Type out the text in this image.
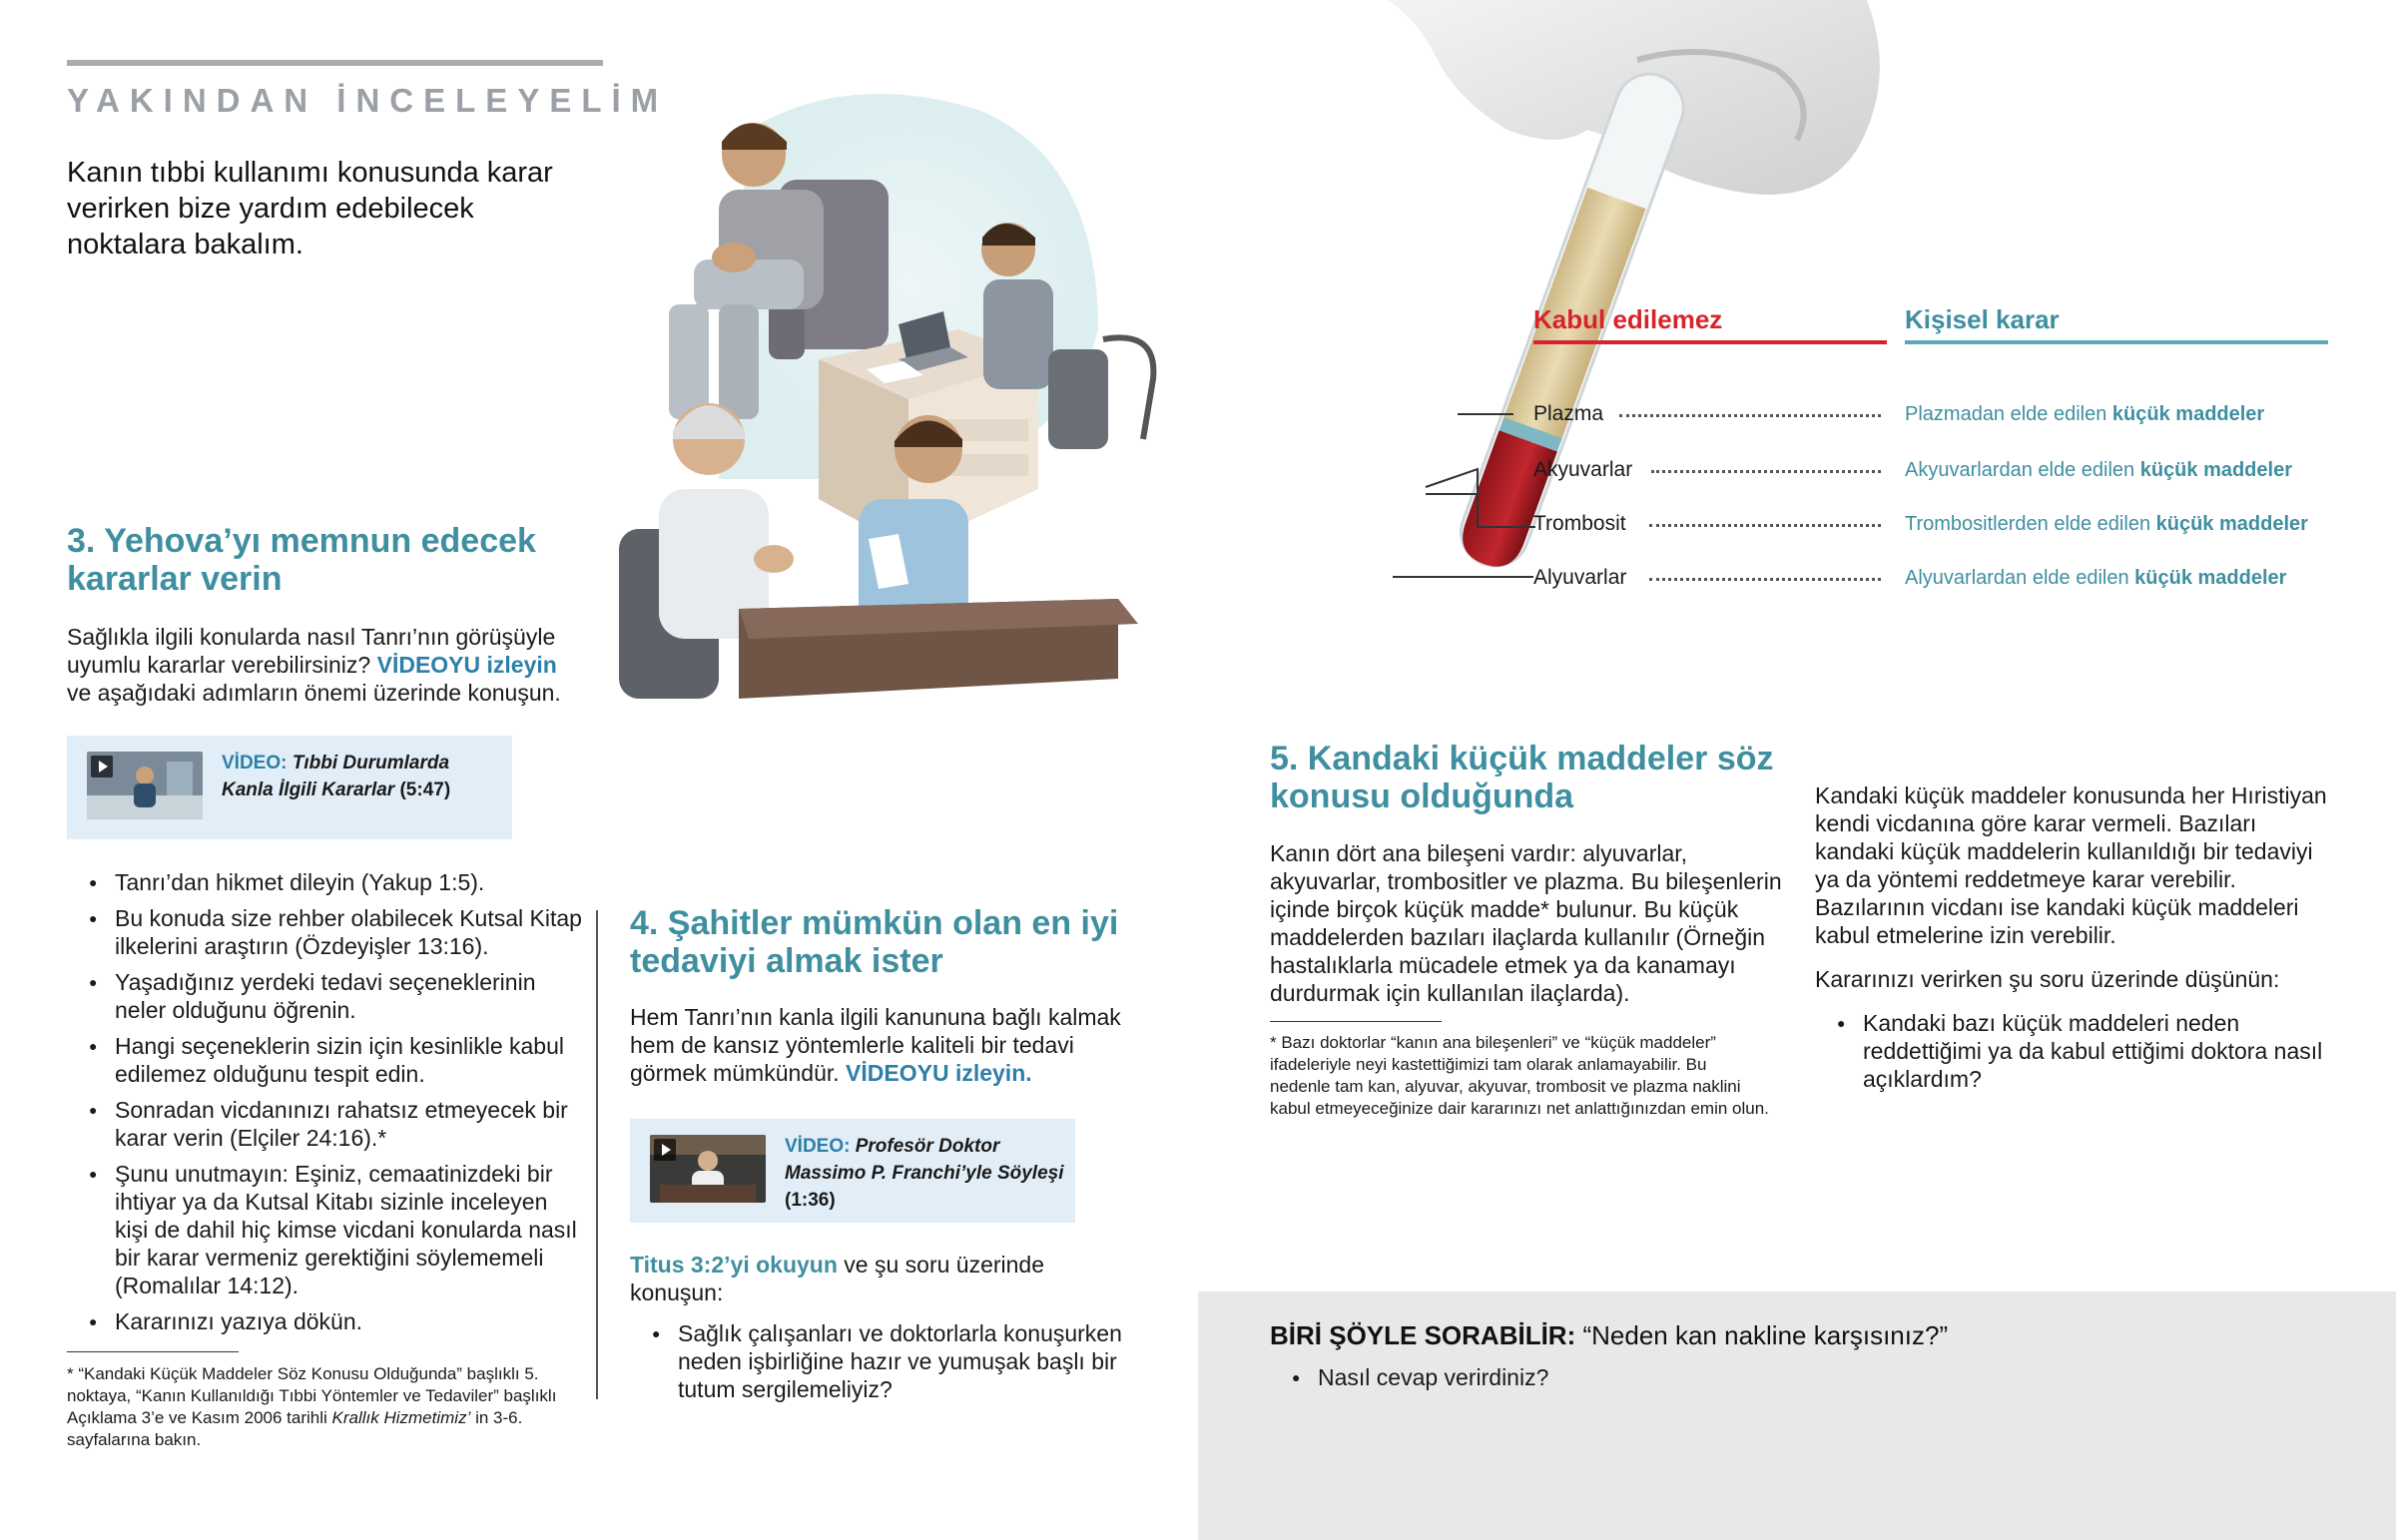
YAKINDAN İNCELEYELİM
Kanın tıbbi kullanımı konusunda karar verirken bize yardım edebilecek noktalara bakalım.
3. Yehova’yı memnun edecek kararlar verin
Sağlıkla ilgili konularda nasıl Tanrı’nın görüşüyle uyumlu kararlar verebilirsiniz? VİDEOYU izleyin ve aşağıdaki adımların önemi üzerinde konuşun.
VİDEO: Tıbbi Durumlarda
Kanla İlgili Kararlar (5:47)
● Tanrı’dan hikmet dileyin (Yakup 1:5).
● Bu konuda size rehber olabilecek Kutsal Kitap ilkelerini araştırın (Özdeyişler 13:16).
● Yaşadığınız yerdeki tedavi seçeneklerinin neler olduğunu öğrenin.
● Hangi seçeneklerin sizin için kesinlikle kabul edilemez olduğunu tespit edin.
● Sonradan vicdanınızı rahatsız etmeyecek bir karar verin (Elçiler 24:16).*
● Şunu unutmayın: Eşiniz, cemaatinizdeki bir ihtiyar ya da Kutsal Kitabı sizinle inceleyen kişi de dahil hiç kimse vicdani konularda nasıl bir karar vermeniz gerektiğini söylememeli (Romalılar 14:12).
● Kararınızı yazıya dökün.
* “Kandaki Küçük Maddeler Söz Konusu Olduğunda” başlıklı 5. noktaya, “Kanın Kullanıldığı Tıbbi Yöntemler ve Tedaviler” başlıklı Açıklama 3’e ve Kasım 2006 tarihli Krallık Hizmetimiz’ in 3-6. sayfalarına bakın.
4. Şahitler mümkün olan en iyi tedaviyi almak ister
Hem Tanrı’nın kanla ilgili kanununa bağlı kalmak hem de kansız yöntemlerle kaliteli bir tedavi görmek mümkündür. VİDEOYU izleyin.
VİDEO: Profesör Doktor
Massimo P. Franchi’yle Söyleşi
(1:36)
Titus 3:2’yi okuyun ve şu soru üzerinde konuşun:
● Sağlık çalışanları ve doktorlarla konuşurken neden işbirliğine hazır ve yumuşak başlı bir tutum sergilemeliyiz?
Kabul edilemez	Kişisel karar
Plazma	Plazmadan elde edilen küçük maddeler
Akyuvarlar	Akyuvarlardan elde edilen küçük maddeler
Trombosit	Trombositlerden elde edilen küçük maddeler
Alyuvarlar	Alyuvarlardan elde edilen küçük maddeler
5. Kandaki küçük maddeler söz konusu olduğunda
Kanın dört ana bileşeni vardır: alyuvarlar, akyuvarlar, trombositler ve plazma. Bu bileşenlerin içinde birçok küçük madde* bulunur. Bu küçük maddelerden bazıları ilaçlarda kullanılır (Örneğin hastalıklarla mücadele etmek ya da kanamayı durdurmak için kullanılan ilaçlarda).
* Bazı doktorlar “kanın ana bileşenleri” ve “küçük maddeler” ifadeleriyle neyi kastettiğimizi tam olarak anlamayabilir. Bu nedenle tam kan, alyuvar, akyuvar, trombosit ve plazma naklini kabul etmeyeceğinize dair kararınızı net anlattığınızdan emin olun.
Kandaki küçük maddeler konusunda her Hıristiyan kendi vicdanına göre karar vermeli. Bazıları kandaki küçük maddelerin kullanıldığı bir tedaviyi ya da yöntemi reddetmeye karar verebilir. Bazılarının vicdanı ise kandaki küçük maddeleri kabul etmelerine izin verebilir.
Kararınızı verirken şu soru üzerinde düşünün:
● Kandaki bazı küçük maddeleri neden reddettiğimi ya da kabul ettiğimi doktora nasıl açıklardım?
BİRİ ŞÖYLE SORABİLİR: “Neden kan nakline karşısınız?”
● Nasıl cevap verirdiniz?
